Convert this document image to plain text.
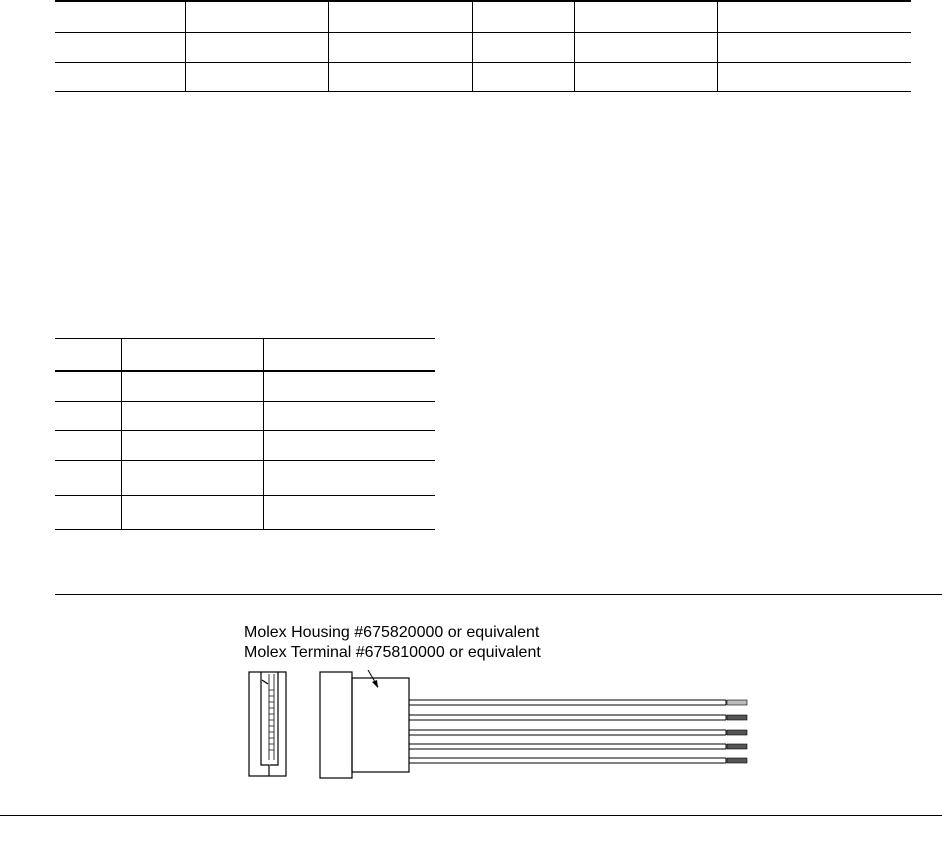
Molex Housing #675820000 or equivalent
Molex Terminal #675810000 or equivalent
